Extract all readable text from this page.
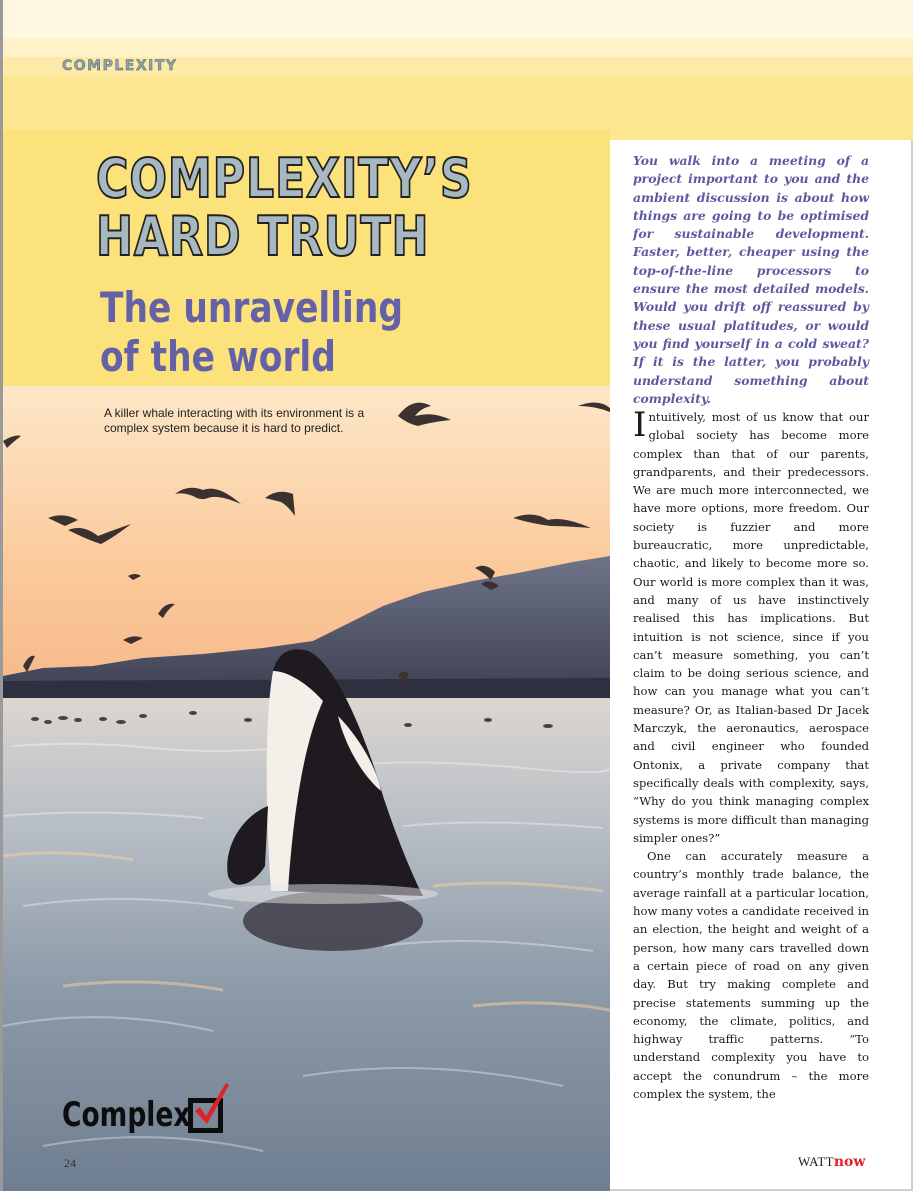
COMPLEXITY
COMPLEXITY’S
HARD TRUTH
The unravelling
of the world
A killer whale interacting with its environment is a complex system because it is hard to predict.
Complex
24
You walk into a meeting of a project important to you and the ambient discussion is about how things are going to be optimised for sustainable development. Faster, better, cheaper using the top-of-the-line processors to ensure the most detailed models. Would you drift off reassured by these usual platitudes, or would you find yourself in a cold sweat? If it is the latter, you probably understand something about complexity.

Intuitively, most of us know that our global society has become more complex than that of our parents, grandparents, and their predecessors. We are much more interconnected, we have more options, more freedom. Our society is fuzzier and more bureaucratic, more unpredictable, chaotic, and likely to become more so. Our world is more complex than it was, and many of us have instinctively realised this has implications. But intuition is not science, since if you can’t measure something, you can’t claim to be doing serious science, and how can you manage what you can’t measure? Or, as Italian-based Dr Jacek Marczyk, the aeronautics, aerospace and civil engineer who founded Ontonix, a private company that specifically deals with complexity, says, “Why do you think managing complex systems is more difficult than managing simpler ones?”

One can accurately measure a country’s monthly trade balance, the average rainfall at a particular location, how many votes a candidate received in an election, the height and weight of a person, how many cars travelled down a certain piece of road on any given day. But try making complete and precise statements summing up the economy, the climate, politics, and highway traffic patterns. “To understand complexity you have to accept the conundrum – the more complex the system, the

WATTnow
